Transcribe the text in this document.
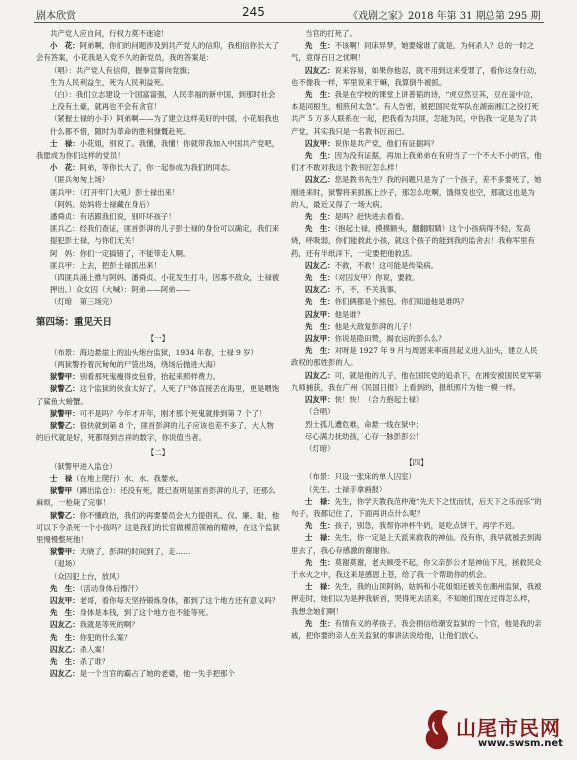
剧本欣赏	245	《戏剧之家》2018 年第 31 期 总第 295 期

共产党人应自问，行权力莫不迷途！

小　花：阿弟啊，你们的问题涉及到共产党人的信仰，我相信你长大了会有答案，小花我是入党不久的新党员，我的答案是：

（唱）：共产党人有信仰，握拳宣誓向党旗；

生为人民利益生，死为人民利益死。

（白）：我们立志建设一个国富富强，人民幸福的新中国，到那时社会上没有土豪，就再也不会有贪官！

（紧握士禄的小手）阿弟啊——为了建立这样美好的中国，小花姐我也什么都不惜，随时为革命的胜利慷慨赴死。

士　禄：小花姐，别说了。我懂，我懂！你就带我加入中国共产党吧，我愿成为你们这样的党员！

小　花：阿弟，等你长大了，你一起参成为我们的同志。

（匪兵匆匆上场）

匪兵甲：（打开牢门大吼）彭士禄出来！

（阿妈、姑妈将士禄藏在身后）

潘舜贞：有话跟我们说，别吓坏孩子！

匪兵乙：经我们查证，匪首彭湃的儿子彭士禄的身份可以确定，我们来提犯彭士禄，与你们无关！

阿　妈：你们一定搞错了，不能带走人啊。

匪兵甲：上去，把彭士禄抓出来！

（四匪兵涌上推与阿妈、潘舜贞、小花发生打斗，因寡不敌众，士禄被押出。）众女囚（大喊）：阿弟——阿弟——

（灯暗　第三场完）

第四场：重见天日

【一】

（布景：海边悬崖上的汕头炮台监狱，1934 年春，士禄 9 岁）

（两狱警拎着沉甸甸的尸袋出场，绕场后抛进大海）

狱警甲：别看那死鬼瘦得皮包骨，抬起来照样费力。

狱警乙：这个监狱的伙食太好了，人死了尸体直接丢在海里，更是喂饱了鲨鱼大螃蟹。

狱警甲：可不是吗？今年才开年，刚才那个死鬼就排到第 7 个了！

狱警乙：很快就到第 8 个，匪首彭湃的儿子应该也差不多了，大人物的后代就是好，死都得到吉祥的数字，你说值当者。

【二】

（狱警甲进入监仓）

士　禄（在地上爬行）水、水、我要水。

狱警甲（蹲出监仓）：还没有死，既已查明是匪首彭湃的儿子，还那么麻烦，一枪毙了完事！

狱警乙：你不懂政治，我们的再要要员会大力提倡礼、仪、廉、耻，他可以下令杀死一个小孩吗？这是我们的长官做模范领袖的精神，在这个监狱里慢慢整死他！

狱警甲：天晓了，彭湃的时间到了，走……

（退场）

（众囚犯上台，放风）

先　生：（活动身体后擦汗）

囚友甲：老哥，看你每天坚持锻炼身体，都到了这个地方还有意义吗？

先　生：身体是本钱，到了这个地方也不能等死。

囚友乙：我就是等死的啊？

先　生：你犯的什么案？

囚友乙：杀人案！

先　生：杀了谁？

囚友乙：是一个当官的霸占了她的老婆，他一失手把那个

当官的打死了。

先　生：不该啊！同床异梦，她要嫁谁了就是，为何杀人？总的一时之气，竟得百日之忧啊！

囚友乙：说来容易，如果你他忍，就不用到这来受罪了，看你这身行动，也不像我一样，军里说来干嘛，我算倒牛被抓。

先　生：我是在学校的课堂上讲普韬的诗，“虎豆然豆其，豆在釜中泣，本是同根生，相煎何太急”。有人告密，被把国民党军队在湖南湘江之役打死共产 5 万多人联系在一起，把我看为共匪，怎能为民，中伤我一定是为了共产党，其实我只是一名教书匠而已。

囚友甲：说你是共产党，他们有证据吗？

先　生：因为没有证据，再加上我弟弟在有府当了一个不大不小的官，他们才不敢对我这个教书匠怎么样！

囚友乙：您是教书先生？我的问题只是为了一个孩子，差不多要死了，她刚进来时，狱警将来抓拣上沙子，那怎么吃啊，饿得发也空，那就这也是为的人，最近又得了一场大病。

先　生：是吗？赶快进去看看。

先　生：（抱起士禄，摸摸额头，翻翻眼睛）这个小孩病得不轻，发高烧，呼吸弱，你们能救此小孩，就这个孩子的能到我的监舍去！我称军里有药，还有半纸洋下，一定要把他救活。

囚友乙：不救，不救！这可能是传染病。

先　生：（对囚友甲）你说，要救。

囚友乙：不，不，不关我事。

先　生：你们俩都是个熊包，你们知道他是谁吗？

囚友甲：他是谁？

先　生：他是大敌复彭湃的儿子！

囚友甲：你说是隐田赞，揭农运的彭么么？

先　生：对呀是 1927 年 9 月与周恩来率南昌起义进入汕头，建立人民政权的那姓彭的人。

囚友乙：可，就是他的儿子，他在国民党的追杀下，在湘安被国民党军第九师捕获，我在广州《民国日报》上看到的，报纸照片为他一模一样。

囚友甲：快！快！（合力抱起士禄）

（合唱）

烈士孤儿遭危难，命悬一线在狱中；

尽心满力抚幼孩，心存一脉彭彭公！

（灯暗）

【四】

（布景：只设一张床的单人囚室）

（先生、士禄手拿画报）

士　禄：先生，你学天教我范仲淹“先天下之忧而忧，后天下之乐而乐”的句子，我都记住了，下面再讲点什么呢？

先　生：孩子，别急，我帮你冲杯牛奶，是吃点饼干，再学不迟。

士　禄：先生，你一定是上天派来救我的神仙。没有你，我早就被丢到海里去了，我心存感激的谢谢你。

先　生：莫谢莫谢，老夫顾受不起，你父亲彭公才是神仙下凡，拯救民众于水火之中，我这来是感恩上苍，给了我一个帮助你的机会。

士　禄：先生，我的山顶阿妈，姑妈和小花姐姐还被关在潮州监狱，我被押走时，她们以为是押我斩首，哭得死去活来，不知她们现在过得怎么样，我想念她们啊！

先　生：有情有义的孝孩子，我会捐信给潮安监狱的一个官，他是我的亲戚，把你要的亲人在关监狱的事讲法说给他，让他们放心。

山尾市民网
www.swsm.net
